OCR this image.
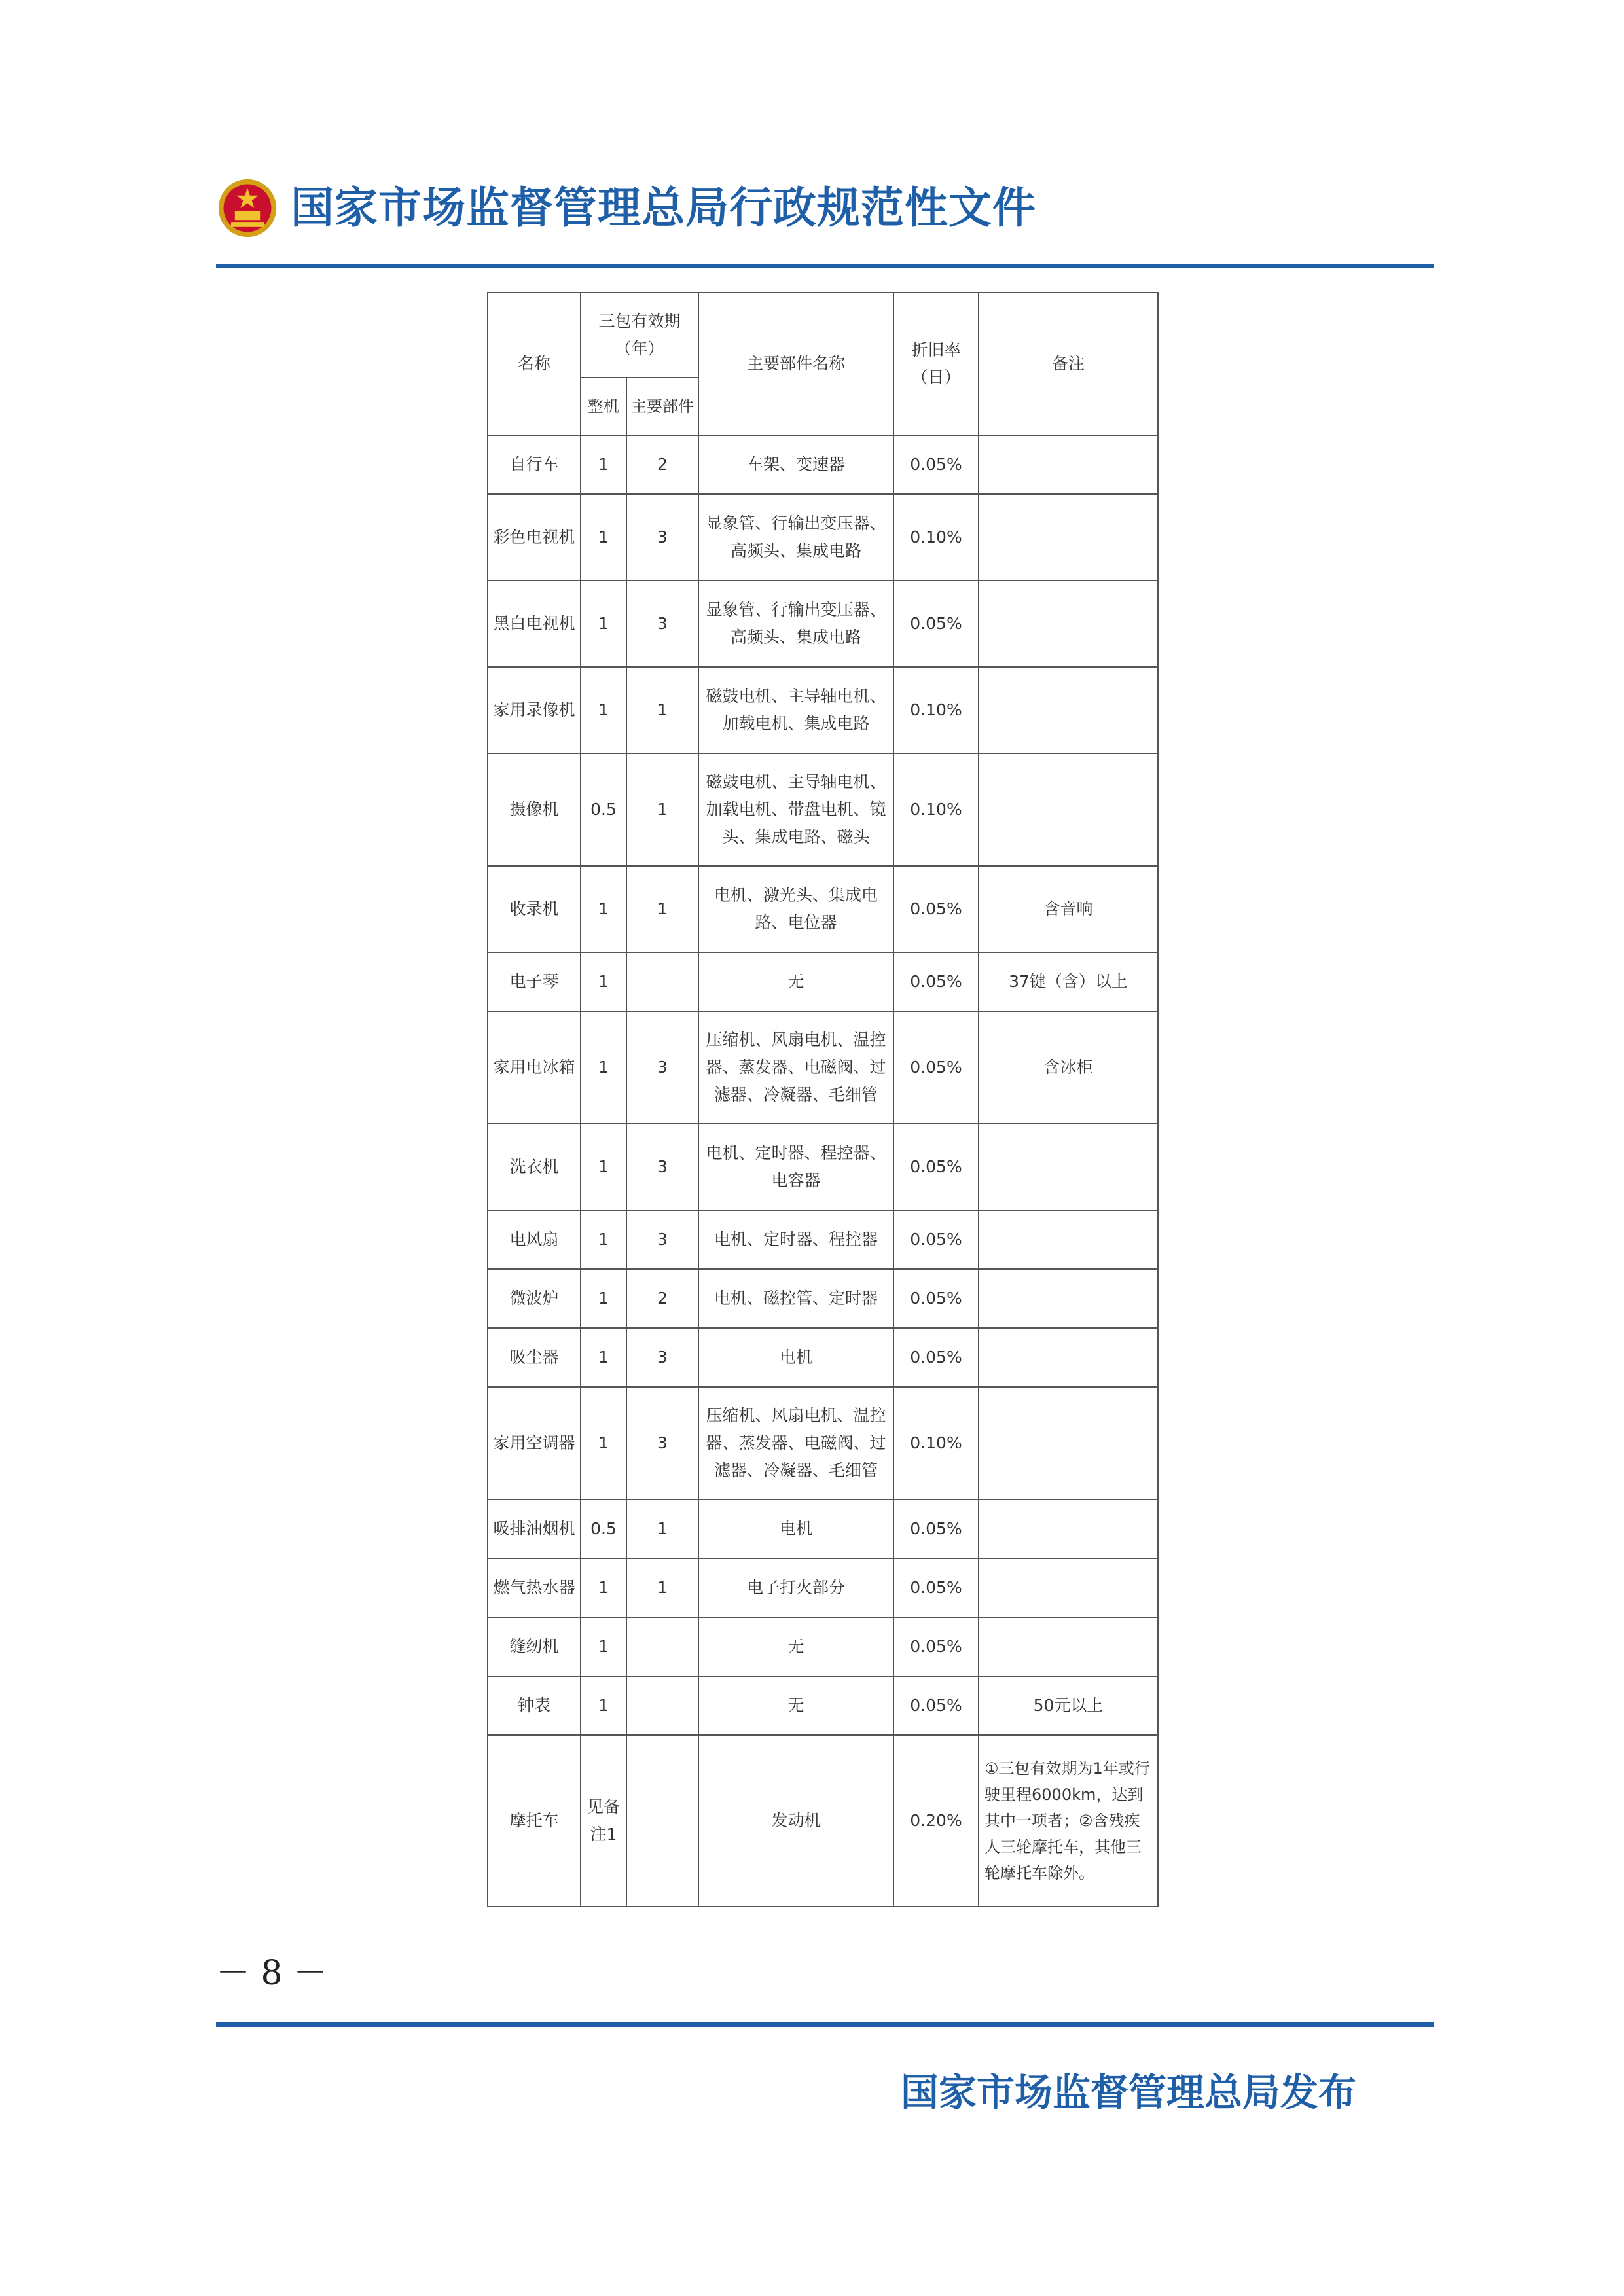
国家市场监督管理总局行政规范性文件
名称	三包有效期（年）		主要部件名称	折旧率（日）	备注
	整机	主要部件			
自行车	1	2	车架、变速器	0.05%	
彩色电视机	1	3	显象管、行输出变压器、高频头、集成电路	0.10%	
黑白电视机	1	3	显象管、行输出变压器、高频头、集成电路	0.05%	
家用录像机	1	1	磁鼓电机、主导轴电机、加载电机、集成电路	0.10%	
摄像机	0.5	1	磁鼓电机、主导轴电机、加载电机、带盘电机、镜头、集成电路、磁头	0.10%	
收录机	1	1	电机、激光头、集成电路、电位器	0.05%	含音响
电子琴	1		无	0.05%	37键（含）以上
家用电冰箱	1	3	压缩机、风扇电机、温控器、蒸发器、电磁阀、过滤器、冷凝器、毛细管	0.05%	含冰柜
洗衣机	1	3	电机、定时器、程控器、电容器	0.05%	
电风扇	1	3	电机、定时器、程控器	0.05%	
微波炉	1	2	电机、磁控管、定时器	0.05%	
吸尘器	1	3	电机	0.05%	
家用空调器	1	3	压缩机、风扇电机、温控器、蒸发器、电磁阀、过滤器、冷凝器、毛细管	0.10%	
吸排油烟机	0.5	1	电机	0.05%	
燃气热水器	1	1	电子打火部分	0.05%	
缝纫机	1		无	0.05%	
钟表	1		无	0.05%	50元以上
摩托车	见备注1		发动机	0.20%	①三包有效期为1年或行驶里程6000km，达到其中一项者；②含残疾人三轮摩托车，其他三轮摩托车除外。
－ 8 －
国家市场监督管理总局发布
